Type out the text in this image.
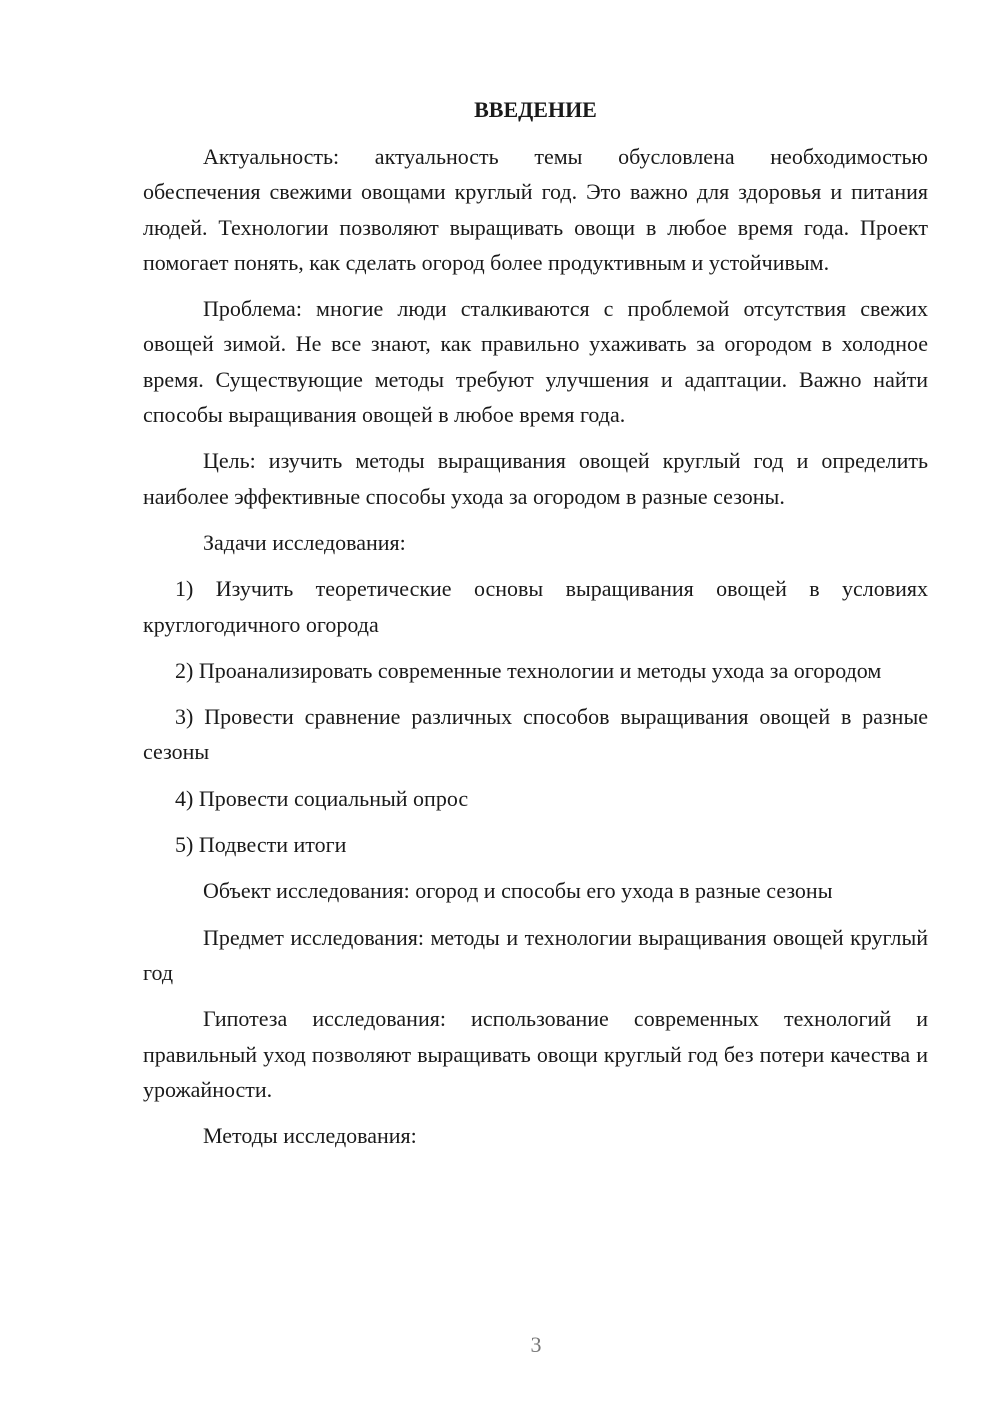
ВВЕДЕНИЕ

Актуальность: актуальность темы обусловлена необходимостью обеспечения свежими овощами круглый год. Это важно для здоровья и питания людей. Технологии позволяют выращивать овощи в любое время года. Проект помогает понять, как сделать огород более продуктивным и устойчивым.

Проблема: многие люди сталкиваются с проблемой отсутствия свежих овощей зимой. Не все знают, как правильно ухаживать за огородом в холодное время. Существующие методы требуют улучшения и адаптации. Важно найти способы выращивания овощей в любое время года.

Цель: изучить методы выращивания овощей круглый год и определить наиболее эффективные способы ухода за огородом в разные сезоны.

Задачи исследования:

1) Изучить теоретические основы выращивания овощей в условиях круглогодичного огорода

2) Проанализировать современные технологии и методы ухода за огородом

3) Провести сравнение различных способов выращивания овощей в разные сезоны

4) Провести социальный опрос

5) Подвести итоги

Объект исследования: огород и способы его ухода в разные сезоны

Предмет исследования: методы и технологии выращивания овощей круглый год

Гипотеза исследования: использование современных технологий и правильный уход позволяют выращивать овощи круглый год без потери качества и урожайности.

Методы исследования:

3
